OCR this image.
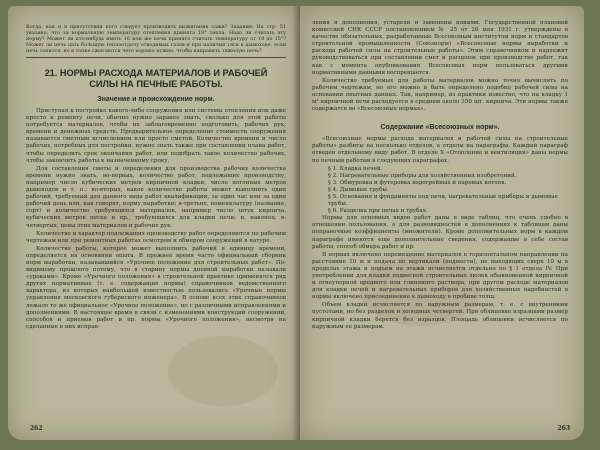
Когда, как и в присутствии кого следует производить выжигание сажи? Задание: На стр. 51 указано, что за нормальную температуру отопления принята 18° тепла. Надо ли считать эту норму? Может ли кто-нибудь иметь 16 или же печи принято считать температуру от 10 до 15°? Может ли печь дать большую теплоотдачу отводимых газов и при наличии тяги в дымоходе, если печь топится, но в топке сжигаются чего хорошо нужно, чтобы направить тяжелую печь?

21. НОРМЫ РАСХОДА МАТЕРИАЛОВ И РАБОЧЕЙ СИЛЫ НА ПЕЧНЫЕ РАБОТЫ.
Значение и происхождение норм.

Приступая к постройке какого-либо сооружения или системы отопления или даже просто к ремонту печи, обычно нужно заранее знать, сколько для этой работы потребуется материалов, чтобы их заблаговременно подготовить, рабочих рук, времени и денежных средств. Предварительное определение стоимости сооружения называется сметным исчислением или просто сметой. Количество времени и число рабочих, потребных для постройки, нужно знать также при составлении плана работ, чтобы определить срок окончания работ, или подобрать такое количество рабочих, чтобы закончить работы к назначенному сроку.

Для составления сметы и определения для производства рабочих количества времени нужно знать, во-первых, количество работ, подлежащих производству, например число кубических метров кирпичной кладки, число погонных метров дымоходов и т. п.; во-вторых, какое количество работы может выполнить один рабочий, требуемый для данного вида работ квалификации, за один час или за один рабочий день или, как говорят, норму выработки; в-третьих, номенклатуру (название, сорт) и количество требующихся материалов, например число штук кирпича, кубических метров песка и пр., требующихся для кладки печи; и, наконец, в-четвертых, цены этих материалов и рабочих рук.

Количество и характер подлежащих производству работ определяются по рабочим чертежам или при ремонтных работах осмотром и обмером сооружений в натуре.

Количество работы, которое может выполнить рабочий в единицу времени, определяется на основании опыта. В прежнее время часто официальный сборник норм выработки, называвшийся «Урочное положение для строительных работ». По-видимому прошлого потому, что в старину нормы дневной выработки называли «уроками». Кроме «Урочного положения» в строительной практике применялся ряд других нормативных (т. е. содержащих нормы) справочников ведомственного характера, из которых наибольшей известностью пользовались «Урочные нормы управления московского губернского инженера». В основе всех этих справочников лежало то же официальное «Урочное положение», но с различными исправлениями и дополнениями. В настоящее время в связи с изменениями конструкций сооружений, способов и приемов работ и пр. нормы «Урочного положения», несмотря на сделанные в них исправ-

262

ления и дополнения, устарели и заменены новыми. Государственной плановой комиссией СНК СССР постановлением № 25 от 26 мая 1931 г. утверждены в качестве обязательных, разработанные Всесоюзным институтом норм и стандартов строительной промышленности (Союзнорм) «Всесоюзные нормы выработки и расхода рабочей силы на строительные работы». Этим справочником и надлежит руководствоваться при составлении смет и расценок при производстве работ, так как с момента опубликования Всесоюзных норм пользоваться другими нормативными данными воспрещается.

Количество требуемых для работы материалов можно точно вычислить по рабочим чертежам, но его можно и быть определено подобно рабочей силы на основании опытных данных. Так, например, из практики известно, что на кладку 1 м³ кирпичной печи расходуется в среднем около 350 шт. кирпича. Эти нормы также содержатся во «Всесоюзных нормах».

Содержание «Всесоюзных норм».

«Всесоюзные нормы расхода материалов и рабочей силы на строительные работы» разбиты на несколько отделов, а отделы на параграфы. Каждый параграф отведен отдельному виду работ. В отделе X «Отопление и вентиляция» даны нормы по печным работам в следующих параграфах.

§ 1. Кладка печей.

§ 2. Нагревательные приборы для хозяйственных изобретений.

§ 3. Обмуровка и футеровка водогрейных и паровых котлов.

§ 4. Дымовые трубы.

§ 5. Основания и фундаменты под печи, нагревательные приборы и дымовые трубы.

§ 6. Разделка при печах и трубах.

Нормы для основных видов работ даны в виде таблиц, что очень удобно в отношении пользования, а для разновидностей в дополнениях к таблицам даны поправочные коэффициенты (множители). Кроме дополнительных норм в каждом параграфе имеются еще дополнительные сведения, содержащие в себе состав работы, способ обмера работ и пр.

В нормах включено перемещение материалов в горизонтальном направлении на расстояние 10 м и подача по вертикали (подмости), не выходящих сверх 10 м в пределах этажа и подъем на этажи исчисляется отдельно по § 1 отдела IV. При употреблении для кладки подвесной строительных люлек обыкновенной кирпичной и огнеупорной вредного или глиняного раствора, при другом расходе материалов для кладки печей и нагревательных приборов для хозяйственных надобностей в нормы включено присоединение к дымоходу в пробиве толщ.

Объем кладки исчисляется по наружным размерам, т. е. с внутренними пустотами, но без разделок и холодных четвертей. При облицовке изразцами размер кирпичной кладки берется без изразцов. Площадь облицовки исчисляется по наружным ее размерам.

263
